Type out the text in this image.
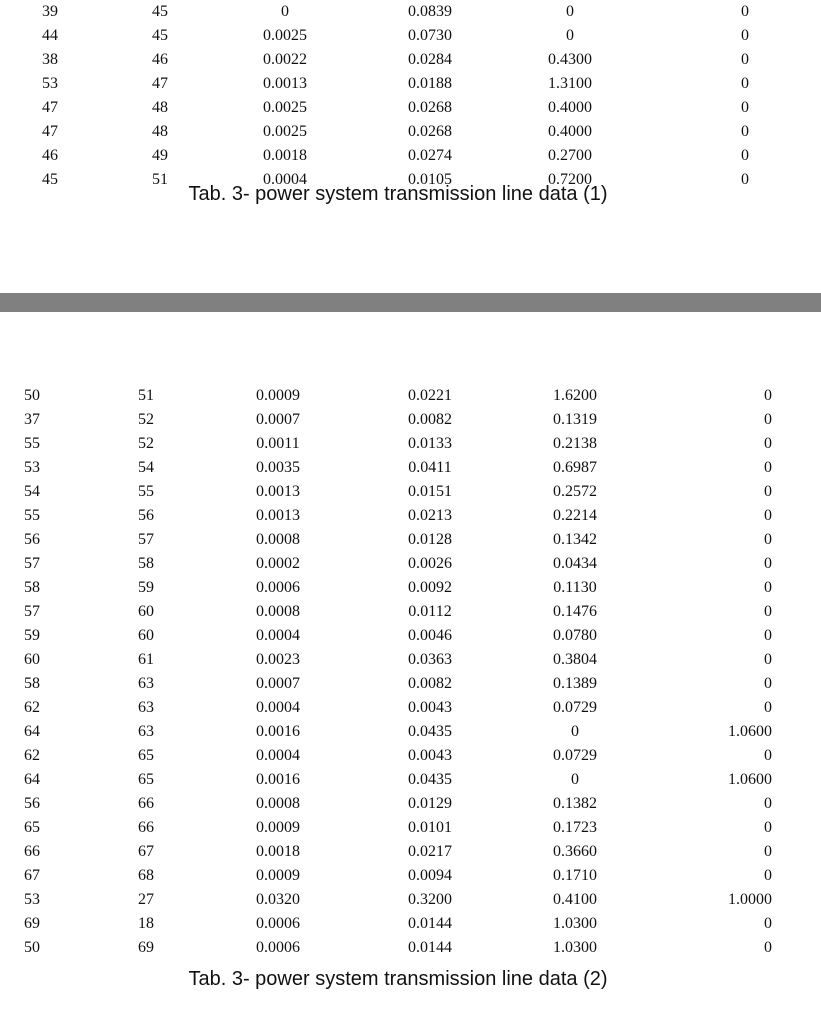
39	45	0	0.0839	0	0
44	45	0.0025	0.0730	0	0
38	46	0.0022	0.0284	0.4300	0
53	47	0.0013	0.0188	1.3100	0
47	48	0.0025	0.0268	0.4000	0
47	48	0.0025	0.0268	0.4000	0
46	49	0.0018	0.0274	0.2700	0
45	51	0.0004	0.0105	0.7200	0
Tab. 3- power system transmission line data (1)
50	51	0.0009	0.0221	1.6200	0
37	52	0.0007	0.0082	0.1319	0
55	52	0.0011	0.0133	0.2138	0
53	54	0.0035	0.0411	0.6987	0
54	55	0.0013	0.0151	0.2572	0
55	56	0.0013	0.0213	0.2214	0
56	57	0.0008	0.0128	0.1342	0
57	58	0.0002	0.0026	0.0434	0
58	59	0.0006	0.0092	0.1130	0
57	60	0.0008	0.0112	0.1476	0
59	60	0.0004	0.0046	0.0780	0
60	61	0.0023	0.0363	0.3804	0
58	63	0.0007	0.0082	0.1389	0
62	63	0.0004	0.0043	0.0729	0
64	63	0.0016	0.0435	0	1.0600
62	65	0.0004	0.0043	0.0729	0
64	65	0.0016	0.0435	0	1.0600
56	66	0.0008	0.0129	0.1382	0
65	66	0.0009	0.0101	0.1723	0
66	67	0.0018	0.0217	0.3660	0
67	68	0.0009	0.0094	0.1710	0
53	27	0.0320	0.3200	0.4100	1.0000
69	18	0.0006	0.0144	1.0300	0
50	69	0.0006	0.0144	1.0300	0
Tab. 3- power system transmission line data (2)
